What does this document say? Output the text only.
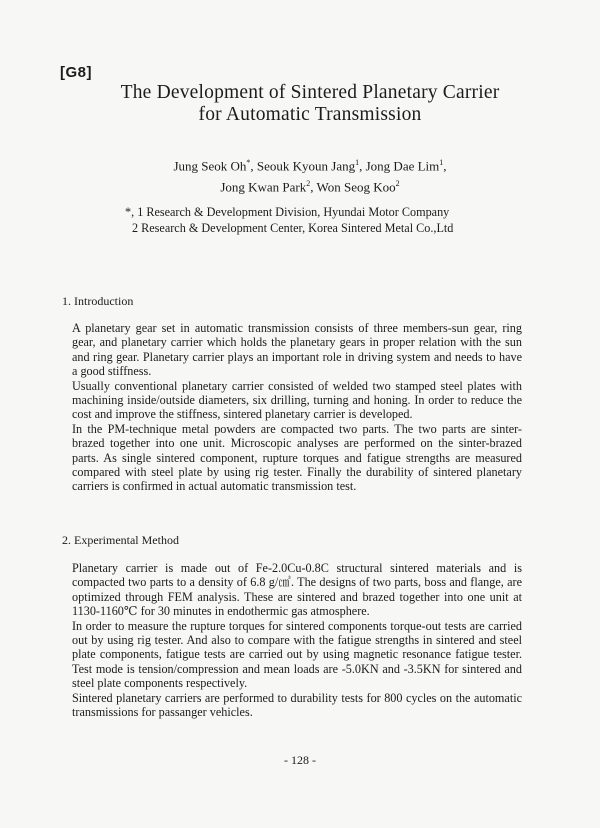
[G8]
The Development of Sintered Planetary Carrier
for Automatic Transmission
Jung Seok Oh*, Seouk Kyoun Jang$^1$, Jong Dae Lim$^1$,
Jong Kwan Park$^2$, Won Seog Koo$^2$
*, 1 Research & Development Division, Hyundai Motor Company
2 Research & Development Center, Korea Sintered Metal Co.,Ltd
1. Introduction

A planetary gear set in automatic transmission consists of three members-sun gear, ring gear, and planetary carrier which holds the planetary gears in proper relation with the sun and ring gear. Planetary carrier plays an important role in driving system and needs to have a good stiffness.

Usually conventional planetary carrier consisted of welded two stamped steel plates with machining inside/outside diameters, six drilling, turning and honing. In order to reduce the cost and improve the stiffness, sintered planetary carrier is developed.

In the PM-technique metal powders are compacted two parts. The two parts are sinter-brazed together into one unit. Microscopic analyses are performed on the sinter-brazed parts. As single sintered component, rupture torques and fatigue strengths are measured compared with steel plate by using rig tester. Finally the durability of sintered planetary carriers is confirmed in actual automatic transmission test.

2. Experimental Method

Planetary carrier is made out of Fe-2.0Cu-0.8C structural sintered materials and is compacted two parts to a density of 6.8 g/㎤. The designs of two parts, boss and flange, are optimized through FEM analysis. These are sintered and brazed together into one unit at 1130-1160℃ for 30 minutes in endothermic gas atmosphere.

In order to measure the rupture torques for sintered components torque-out tests are carried out by using rig tester. And also to compare with the fatigue strengths in sintered and steel plate components, fatigue tests are carried out by using magnetic resonance fatigue tester. Test mode is tension/compression and mean loads are -5.0KN and -3.5KN for sintered and steel plate components respectively.

Sintered planetary carriers are performed to durability tests for 800 cycles on the automatic transmissions for passanger vehicles.

- 128 -
